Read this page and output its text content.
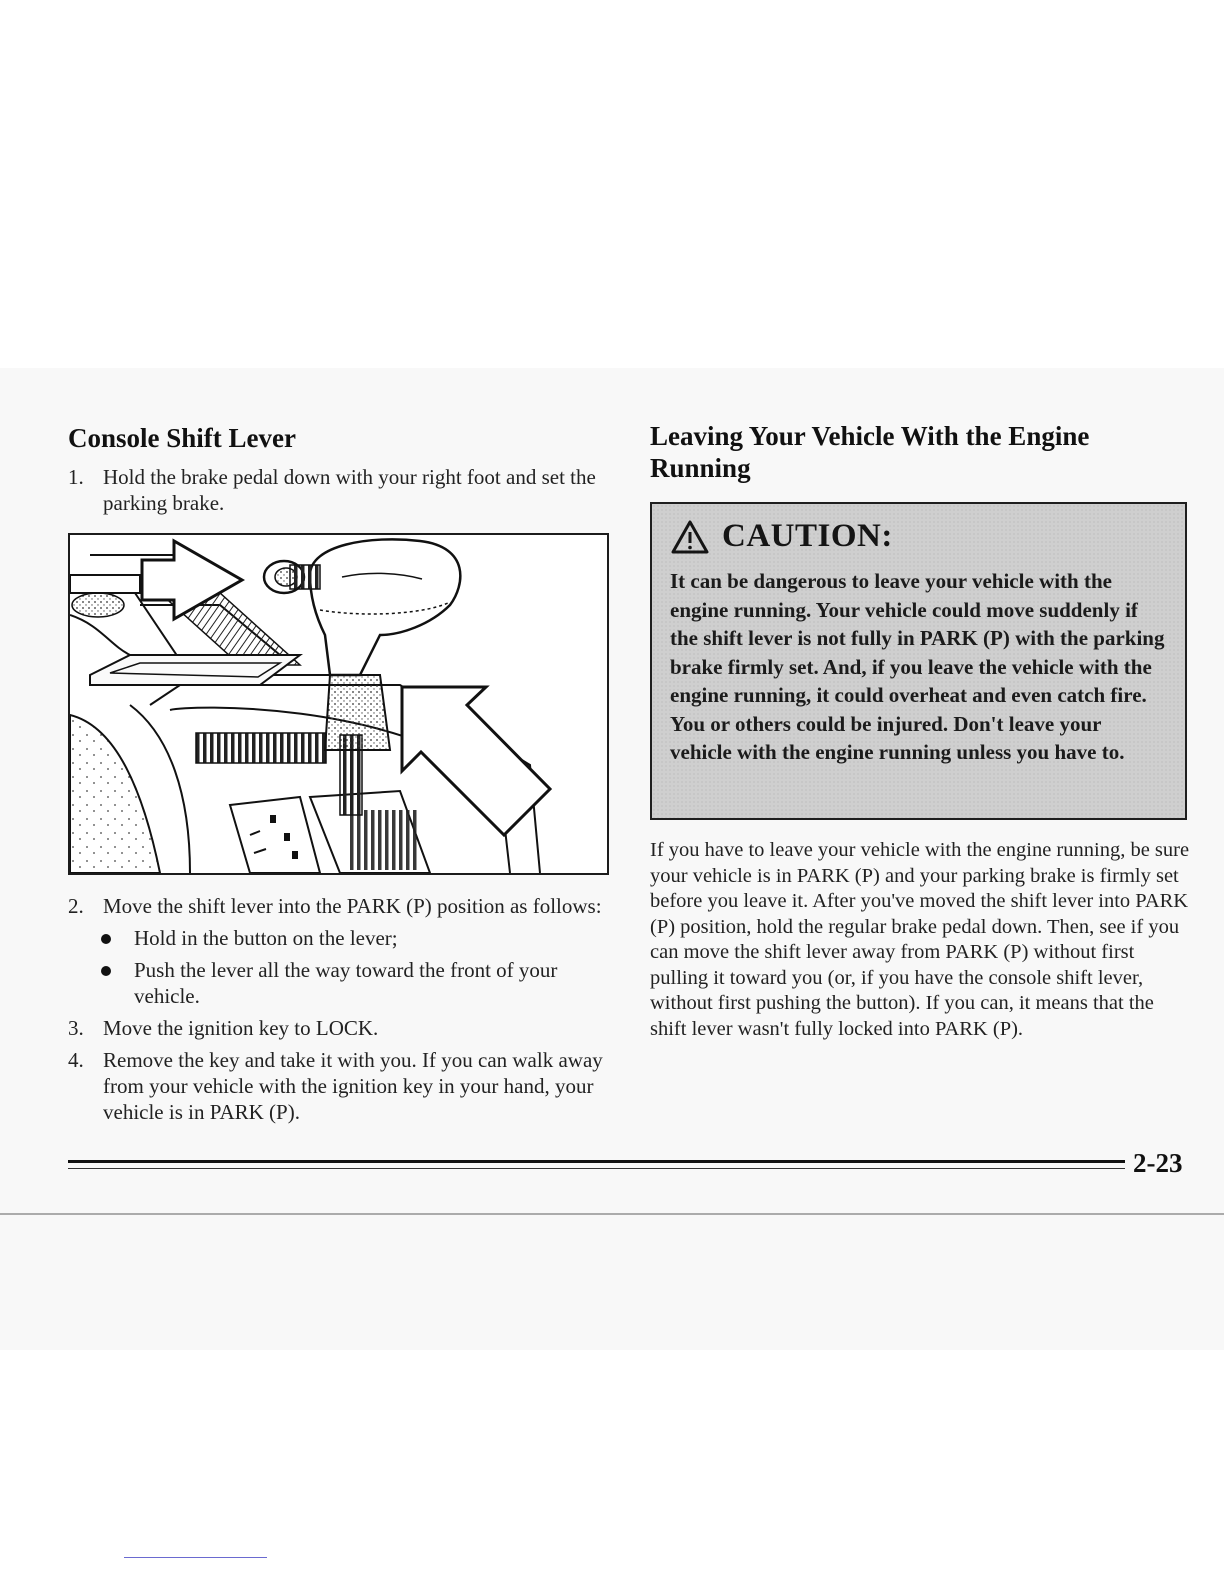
Console Shift Lever
1. Hold the brake pedal down with your right foot and set the parking brake.
2. Move the shift lever into the PARK (P) position as follows:
Hold in the button on the lever;
Push the lever all the way toward the front of your vehicle.
3. Move the ignition key to LOCK.
4. Remove the key and take it with you. If you can walk away from your vehicle with the ignition key in your hand, your vehicle is in PARK (P).
Leaving Your Vehicle With the Engine Running
CAUTION:
It can be dangerous to leave your vehicle with the engine running. Your vehicle could move suddenly if the shift lever is not fully in PARK (P) with the parking brake firmly set. And, if you leave the vehicle with the engine running, it could overheat and even catch fire. You or others could be injured. Don't leave your vehicle with the engine running unless you have to.
If you have to leave your vehicle with the engine running, be sure your vehicle is in PARK (P) and your parking brake is firmly set before you leave it. After you've moved the shift lever into PARK (P) position, hold the regular brake pedal down. Then, see if you can move the shift lever away from PARK (P) without first pulling it toward you (or, if you have the console shift lever, without first pushing the button). If you can, it means that the shift lever wasn't fully locked into PARK (P).
2-23
